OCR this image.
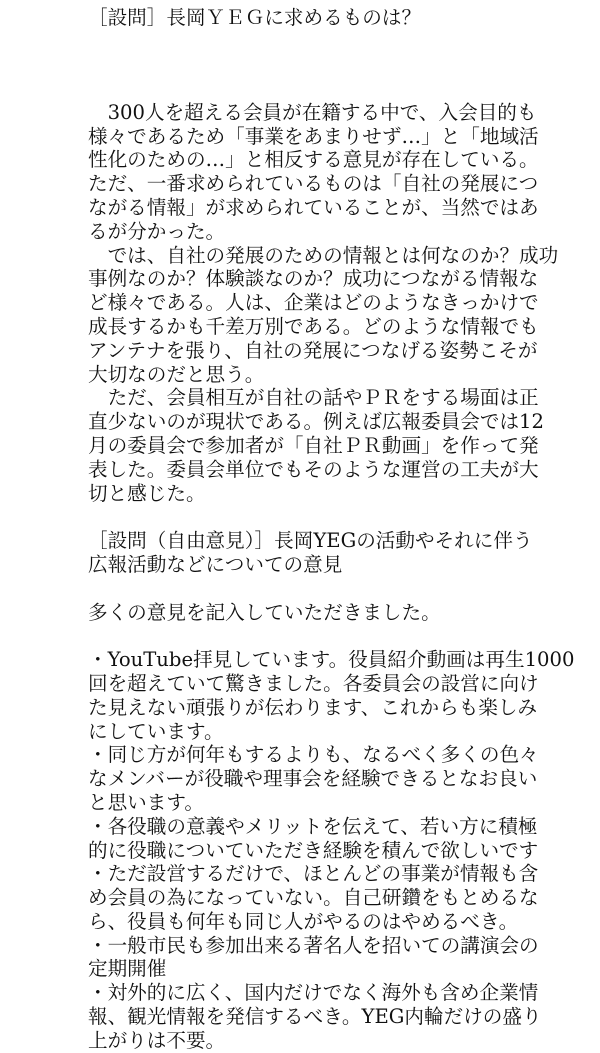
［設問］長岡ＹＥＧに求めるものは？
　300人を超える会員が在籍する中で、入会目的も
様々であるため「事業をあまりせず…」と「地域活
性化のための…」と相反する意見が存在している。
ただ、一番求められているものは「自社の発展につ
ながる情報」が求められていることが、当然ではあ
るが分かった。
　では、自社の発展のための情報とは何なのか？成功
事例なのか？体験談なのか？成功につながる情報な
ど様々である。人は、企業はどのようなきっかけで
成長するかも千差万別である。どのような情報でも
アンテナを張り、自社の発展につなげる姿勢こそが
大切なのだと思う。
　ただ、会員相互が自社の話やＰＲをする場面は正
直少ないのが現状である。例えば広報委員会では12
月の委員会で参加者が「自社ＰＲ動画」を作って発
表した。委員会単位でもそのような運営の工夫が大
切と感じた。
［設問（自由意見）］長岡YEGの活動やそれに伴う
広報活動などについての意見
多くの意見を記入していただきました。
・YouTube拝見しています。役員紹介動画は再生1000
回を超えていて驚きました。各委員会の設営に向け
た見えない頑張りが伝わります、これからも楽しみ
にしています。
・同じ方が何年もするよりも、なるべく多くの色々
なメンバーが役職や理事会を経験できるとなお良い
と思います。
・各役職の意義やメリットを伝えて、若い方に積極
的に役職についていただき経験を積んで欲しいです
・ただ設営するだけで、ほとんどの事業が情報も含
め会員の為になっていない。自己研鑽をもとめるな
ら、役員も何年も同じ人がやるのはやめるべき。
・一般市民も参加出来る著名人を招いての講演会の
定期開催
・対外的に広く、国内だけでなく海外も含め企業情
報、観光情報を発信するべき。YEG内輪だけの盛り
上がりは不要。
